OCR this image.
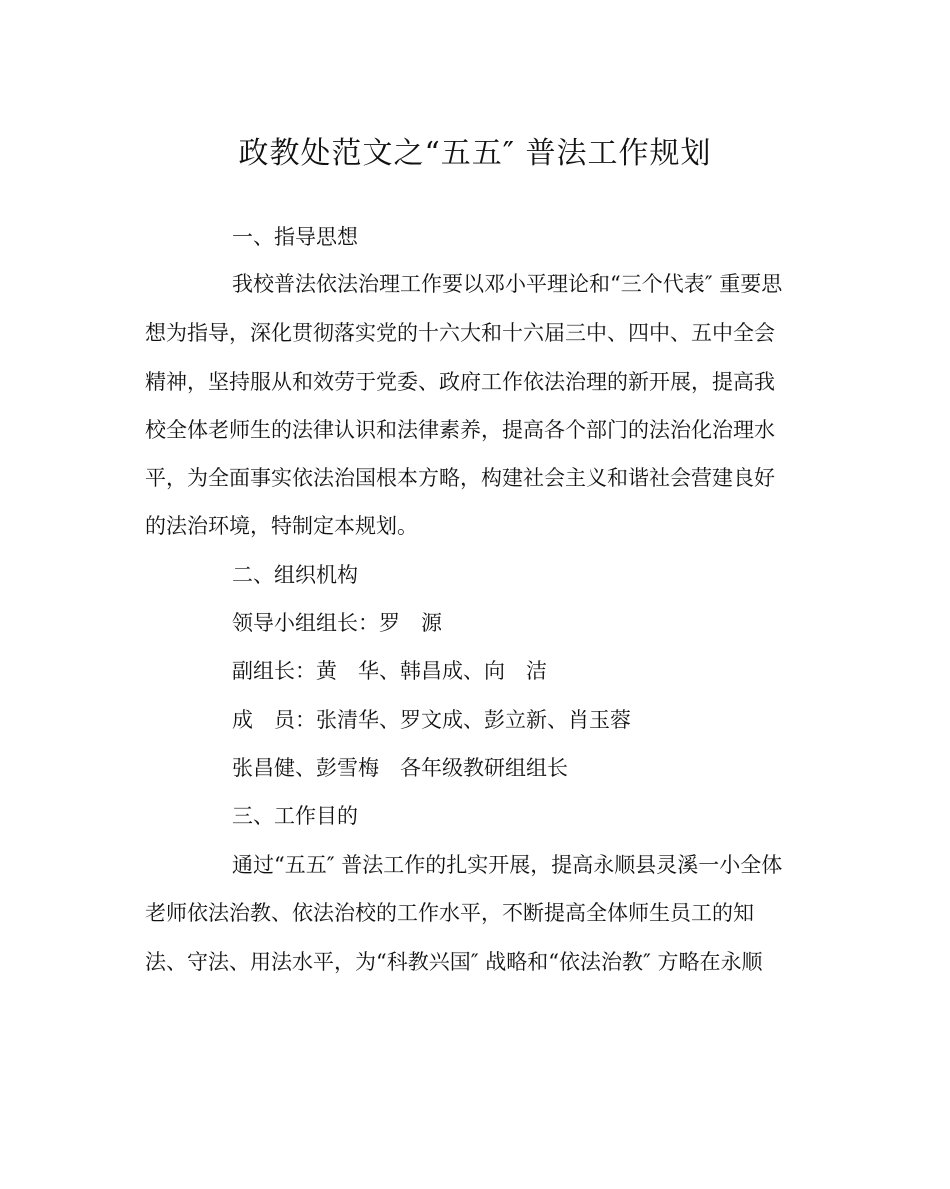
政教处范文之“五五″ 普法工作规划
一、指导思想
我校普法依法治理工作要以邓小平理论和“三个代表″ 重要思
想为指导，深化贯彻落实党的十六大和十六届三中、四中、五中全会
精神，坚持服从和效劳于党委、政府工作依法治理的新开展，提高我
校全体老师生的法律认识和法律素养，提高各个部门的法治化治理水
平，为全面事实依法治国根本方略，构建社会主义和谐社会营建良好
的法治环境，特制定本规划。
二、组织机构
领导小组组长：罗　源
副组长：黄　华、韩昌成、向　洁
成　员：张清华、罗文成、彭立新、肖玉蓉
张昌健、彭雪梅　各年级教研组组长
三、工作目的
通过“五五″ 普法工作的扎实开展，提高永顺县灵溪一小全体
老师依法治教、依法治校的工作水平，不断提高全体师生员工的知
法、守法、用法水平，为“科教兴国″ 战略和“依法治教″ 方略在永顺
